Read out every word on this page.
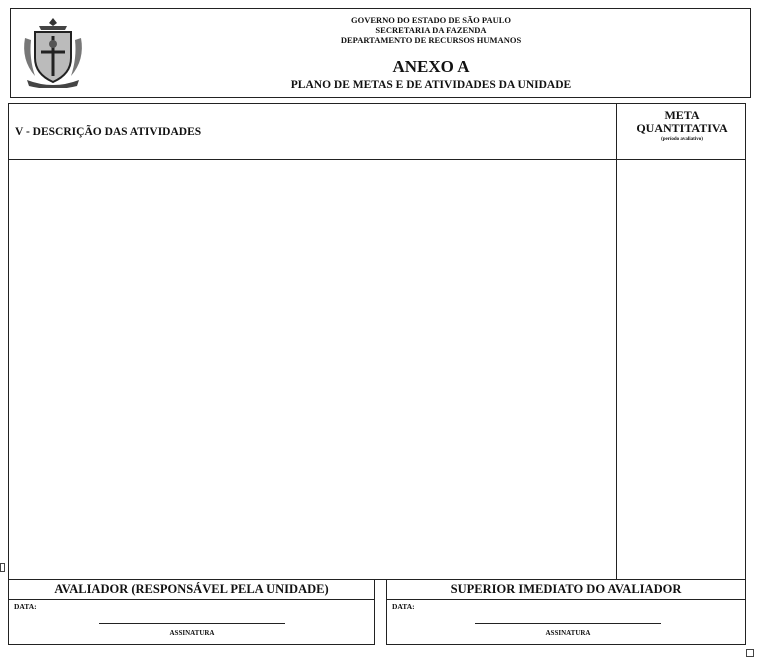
GOVERNO DO ESTADO DE SÃO PAULO
SECRETARIA DA FAZENDA
DEPARTAMENTO DE RECURSOS HUMANOS
ANEXO A
PLANO DE METAS E DE ATIVIDADES DA UNIDADE
V - DESCRIÇÃO DAS ATIVIDADES
META
QUANTITATIVA
(período avaliativo)
AVALIADOR (RESPONSÁVEL PELA UNIDADE)
DATA:
ASSINATURA
SUPERIOR IMEDIATO DO AVALIADOR
DATA:
ASSINATURA
